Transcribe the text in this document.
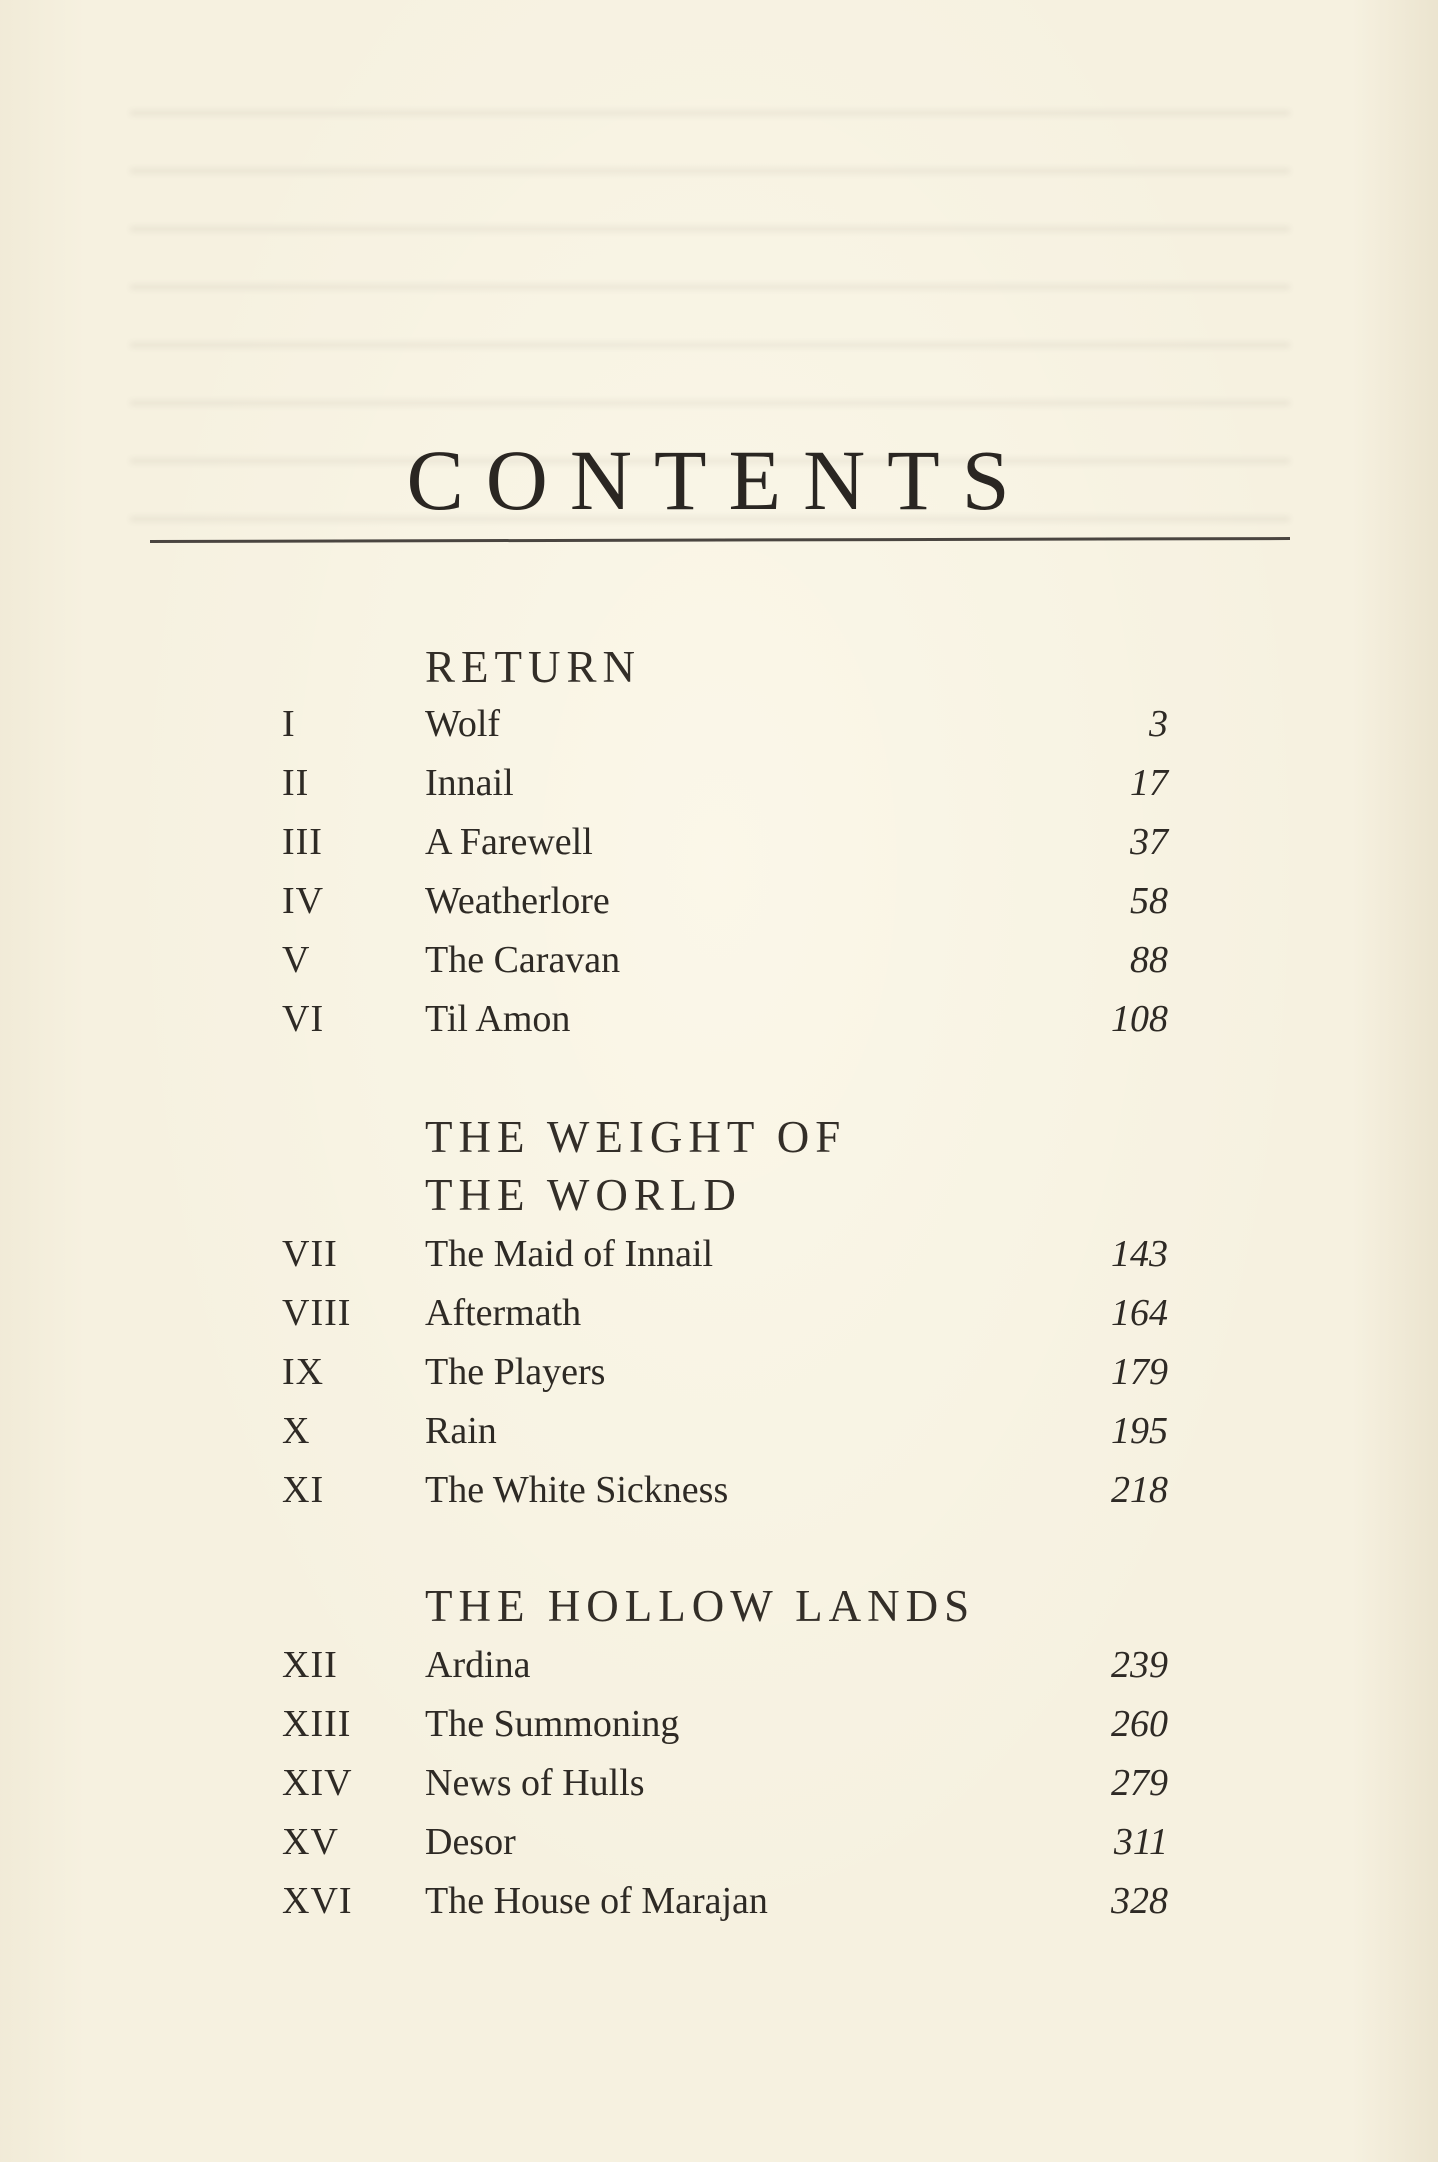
CONTENTS
RETURN
I	Wolf	3
II	Innail	17
III	A Farewell	37
IV	Weatherlore	58
V	The Caravan	88
VI	Til Amon	108
THE WEIGHT OF
THE WORLD
VII The Maid of Innail	143
VIII Aftermath	164
IX	The Players	179
X	Rain	195
XI	The White Sickness	218
THE HOLLOW LANDS
XII Ardina	239
XIII The Summoning	260
XIV News of Hulls	279
XV Desor	311
XVI The House of Marajan	328
